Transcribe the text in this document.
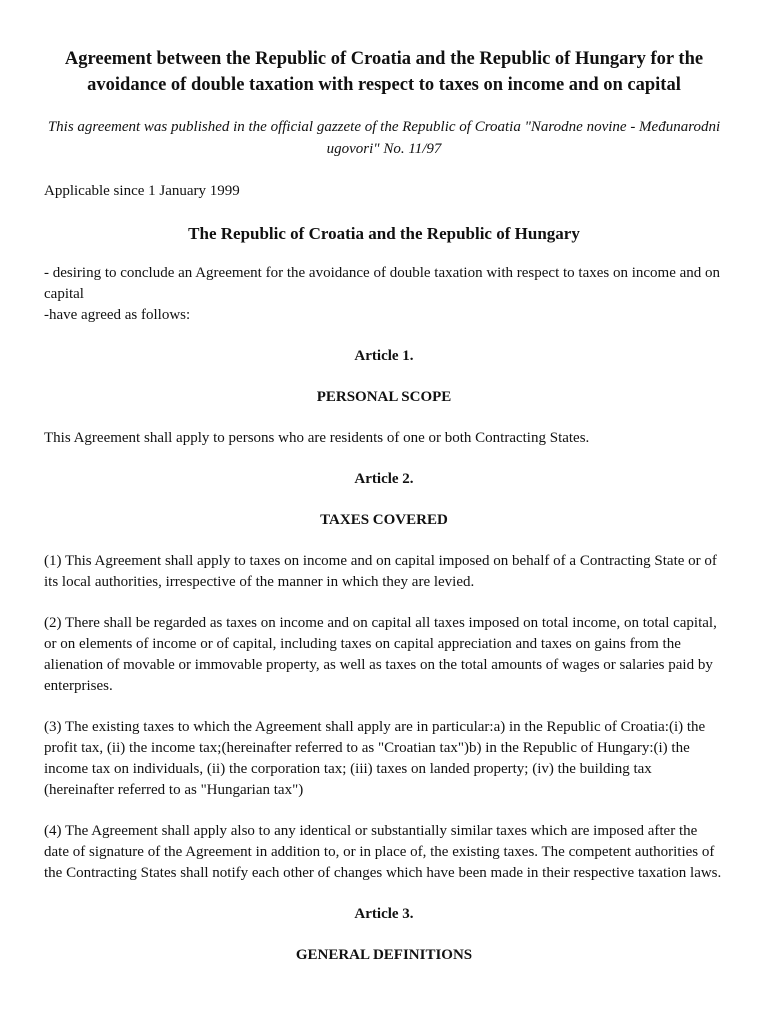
Agreement between the Republic of Croatia and the Republic of Hungary for the avoidance of double taxation with respect to taxes on income and on capital

This agreement was published in the official gazzete of the Republic of Croatia "Narodne novine - Međunarodni ugovori" No. 11/97

Applicable since 1 January 1999

The Republic of Croatia and the Republic of Hungary

- desiring to conclude an Agreement for the avoidance of double taxation with respect to taxes on income and on capital
-have agreed as follows:

Article 1.
PERSONAL SCOPE

This Agreement shall apply to persons who are residents of one or both Contracting States.

Article 2.
TAXES COVERED

(1) This Agreement shall apply to taxes on income and on capital imposed on behalf of a Contracting State or of its local authorities, irrespective of the manner in which they are levied.

(2) There shall be regarded as taxes on income and on capital all taxes imposed on total income, on total capital, or on elements of income or of capital, including taxes on capital appreciation and taxes on gains from the alienation of movable or immovable property, as well as taxes on the total amounts of wages or salaries paid by enterprises.

(3) The existing taxes to which the Agreement shall apply are in particular:a) in the Republic of Croatia:(i) the profit tax, (ii) the income tax;(hereinafter referred to as "Croatian tax")b) in the Republic of Hungary:(i) the income tax on individuals, (ii) the corporation tax; (iii) taxes on landed property; (iv) the building tax (hereinafter referred to as "Hungarian tax")

(4) The Agreement shall apply also to any identical or substantially similar taxes which are imposed after the date of signature of the Agreement in addition to, or in place of, the existing taxes. The competent authorities of the Contracting States shall notify each other of changes which have been made in their respective taxation laws.

Article 3.
GENERAL DEFINITIONS
